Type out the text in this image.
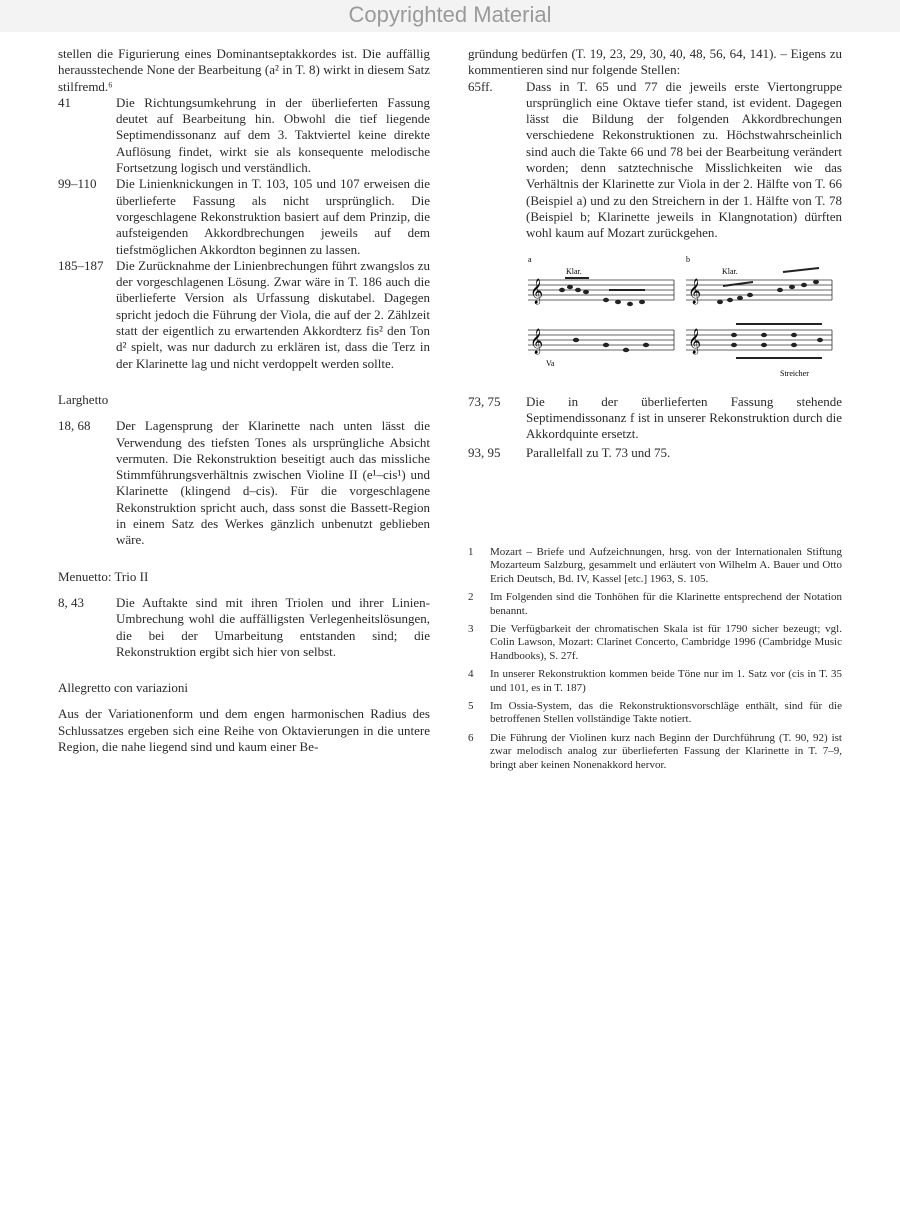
Copyrighted Material

stellen die Figurierung eines Dominantseptakkordes ist. Die auffällig herausstechende None der Bearbeitung (a² in T. 8) wirkt in diesem Satz stilfremd.⁶

41	Die Richtungsumkehrung in der überlieferten Fassung deutet auf Bearbeitung hin. Obwohl die tief liegende Septimendissonanz auf dem 3. Taktviertel keine direkte Auflösung findet, wirkt sie als konsequente melodische Fortsetzung logisch und verständlich.
99–110	Die Linienknickungen in T. 103, 105 und 107 erweisen die überlieferte Fassung als nicht ursprünglich. Die vorgeschlagene Rekonstruktion basiert auf dem Prinzip, die aufsteigenden Akkordbrechungen jeweils auf dem tiefstmöglichen Akkordton beginnen zu lassen.
185–187 Die Zurücknahme der Linienbrechungen führt zwangslos zu der vorgeschlagenen Lösung. Zwar wäre in T. 186 auch die überlieferte Version als Urfassung diskutabel. Dagegen spricht jedoch die Führung der Viola, die auf der 2. Zählzeit statt der eigentlich zu erwartenden Akkordterz fis² den Ton d² spielt, was nur dadurch zu erklären ist, dass die Terz in der Klarinette lag und nicht verdoppelt werden sollte.
Larghetto
18, 68	Der Lagensprung der Klarinette nach unten lässt die Verwendung des tiefsten Tones als ursprüngliche Absicht vermuten. Die Rekonstruktion beseitigt auch das missliche Stimmführungsverhältnis zwischen Violine II (e¹–cis¹) und Klarinette (klingend d–cis). Für die vorgeschlagene Rekonstruktion spricht auch, dass sonst die Bassett-Region in einem Satz des Werkes gänzlich unbenutzt geblieben wäre.
Menuetto: Trio II
8, 43	Die Auftakte sind mit ihren Triolen und ihrer Linien-Umbrechung wohl die auffälligsten Verlegenheitslösungen, die bei der Umarbeitung entstanden sind; die Rekonstruktion ergibt sich hier von selbst.
Allegretto con variazioni

Aus der Variationenform und dem engen harmonischen Radius des Schlussatzes ergeben sich eine Reihe von Oktavierungen in die untere Region, die nahe liegend sind und kaum einer Be-

gründung bedürfen (T. 19, 23, 29, 30, 40, 48, 56, 64, 141). – Eigens zu kommentieren sind nur folgende Stellen:

65ff.	Dass in T. 65 und 77 die jeweils erste Viertongruppe ursprünglich eine Oktave tiefer stand, ist evident. Dagegen lässt die Bildung der folgenden Akkordbrechungen verschiedene Rekonstruktionen zu. Höchstwahrscheinlich sind auch die Takte 66 und 78 bei der Bearbeitung verändert worden; denn satztechnische Misslichkeiten wie das Verhältnis der Klarinette zur Viola in der 2. Hälfte von T. 66 (Beispiel a) und zu den Streichern in der 1. Hälfte von T. 78 (Beispiel b; Klarinette jeweils in Klangnotation) dürften wohl kaum auf Mozart zurückgehen.
a
Klar.
𝄞
𝄞
Va
b
Klar.
𝄞
𝄞
Streicher
73, 75	Die in der überlieferten Fassung stehende Septimendissonanz f ist in unserer Rekonstruktion durch die Akkordquinte ersetzt.
93, 95	Parallelfall zu T. 73 und 75.
1	Mozart – Briefe und Aufzeichnungen, hrsg. von der Internationalen Stiftung Mozarteum Salzburg, gesammelt und erläutert von Wilhelm A. Bauer und Otto Erich Deutsch, Bd. IV, Kassel [etc.] 1963, S. 105.
2	Im Folgenden sind die Tonhöhen für die Klarinette entsprechend der Notation benannt.
3	Die Verfügbarkeit der chromatischen Skala ist für 1790 sicher bezeugt; vgl. Colin Lawson, Mozart: Clarinet Concerto, Cambridge 1996 (Cambridge Music Handbooks), S. 27f.
4	In unserer Rekonstruktion kommen beide Töne nur im 1. Satz vor (cis in T. 35 und 101, es in T. 187)
5	Im Ossia-System, das die Rekonstruktionsvorschläge enthält, sind für die betroffenen Stellen vollständige Takte notiert.
6	Die Führung der Violinen kurz nach Beginn der Durchführung (T. 90, 92) ist zwar melodisch analog zur überlieferten Fassung der Klarinette in T. 7–9, bringt aber keinen Nonenakkord hervor.
